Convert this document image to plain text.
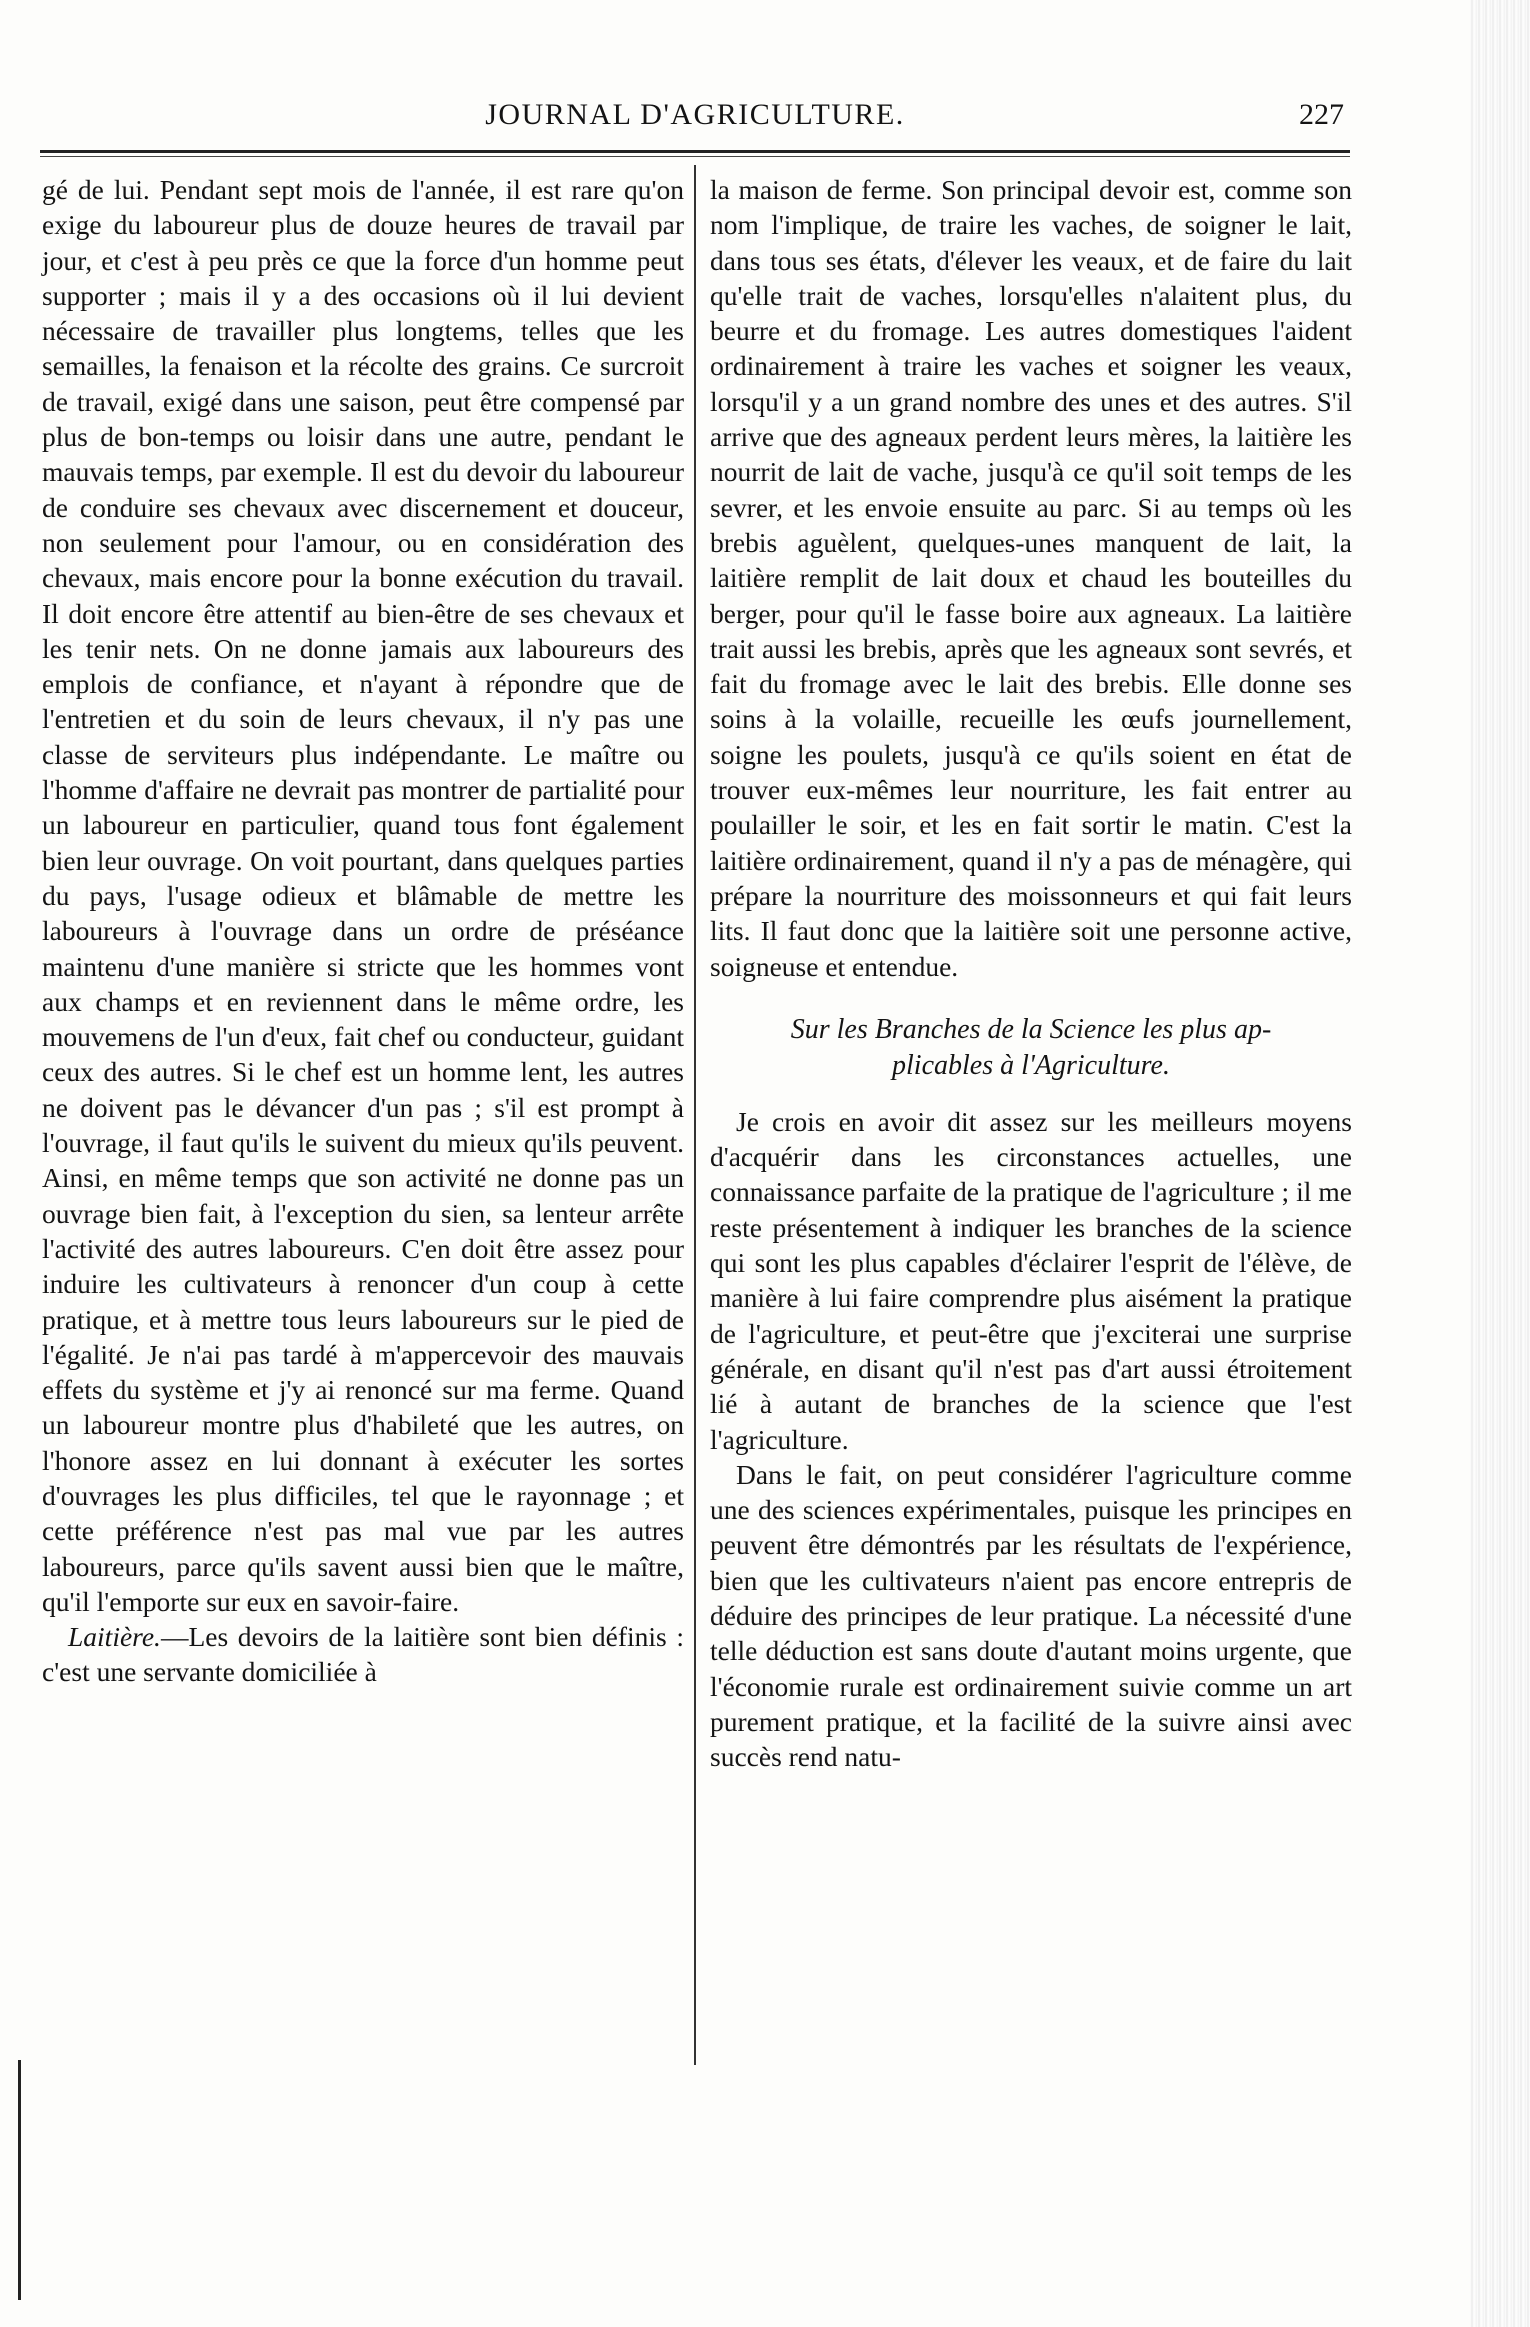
JOURNAL D'AGRICULTURE.	227

gé de lui. Pendant sept mois de l'année, il est rare qu'on exige du laboureur plus de douze heures de travail par jour, et c'est à peu près ce que la force d'un homme peut supporter ; mais il y a des occasions où il lui devient nécessaire de travailler plus longtems, telles que les semailles, la fenaison et la récolte des grains. Ce surcroit de travail, exigé dans une saison, peut être compensé par plus de bon-temps ou loisir dans une autre, pendant le mauvais temps, par exemple. Il est du devoir du laboureur de conduire ses chevaux avec discernement et douceur, non seulement pour l'amour, ou en considération des chevaux, mais encore pour la bonne exécution du travail. Il doit encore être attentif au bien-être de ses chevaux et les tenir nets. On ne donne jamais aux laboureurs des emplois de confiance, et n'ayant à répondre que de l'entretien et du soin de leurs chevaux, il n'y pas une classe de serviteurs plus indépendante. Le maître ou l'homme d'affaire ne devrait pas montrer de partialité pour un laboureur en particulier, quand tous font également bien leur ouvrage. On voit pourtant, dans quelques parties du pays, l'usage odieux et blâmable de mettre les laboureurs à l'ouvrage dans un ordre de préséance maintenu d'une manière si stricte que les hommes vont aux champs et en reviennent dans le même ordre, les mouvemens de l'un d'eux, fait chef ou conducteur, guidant ceux des autres. Si le chef est un homme lent, les autres ne doivent pas le dévancer d'un pas ; s'il est prompt à l'ouvrage, il faut qu'ils le suivent du mieux qu'ils peuvent. Ainsi, en même temps que son activité ne donne pas un ouvrage bien fait, à l'exception du sien, sa lenteur arrête l'activité des autres laboureurs. C'en doit être assez pour induire les cultivateurs à renoncer d'un coup à cette pratique, et à mettre tous leurs laboureurs sur le pied de l'égalité. Je n'ai pas tardé à m'appercevoir des mauvais effets du système et j'y ai renoncé sur ma ferme. Quand un laboureur montre plus d'habileté que les autres, on l'honore assez en lui donnant à exécuter les sortes d'ouvrages les plus difficiles, tel que le rayonnage ; et cette préférence n'est pas mal vue par les autres laboureurs, parce qu'ils savent aussi bien que le maître, qu'il l'emporte sur eux en savoir-faire.

Laitière.—Les devoirs de la laitière sont bien définis : c'est une servante domiciliée à

la maison de ferme. Son principal devoir est, comme son nom l'implique, de traire les vaches, de soigner le lait, dans tous ses états, d'élever les veaux, et de faire du lait qu'elle trait de vaches, lorsqu'elles n'alaitent plus, du beurre et du fromage. Les autres domestiques l'aident ordinairement à traire les vaches et soigner les veaux, lorsqu'il y a un grand nombre des unes et des autres. S'il arrive que des agneaux perdent leurs mères, la laitière les nourrit de lait de vache, jusqu'à ce qu'il soit temps de les sevrer, et les envoie ensuite au parc. Si au temps où les brebis aguèlent, quelques-unes manquent de lait, la laitière remplit de lait doux et chaud les bouteilles du berger, pour qu'il le fasse boire aux agneaux. La laitière trait aussi les brebis, après que les agneaux sont sevrés, et fait du fromage avec le lait des brebis. Elle donne ses soins à la volaille, recueille les œufs journellement, soigne les poulets, jusqu'à ce qu'ils soient en état de trouver eux-mêmes leur nourriture, les fait entrer au poulailler le soir, et les en fait sortir le matin. C'est la laitière ordinairement, quand il n'y a pas de ménagère, qui prépare la nourriture des moissonneurs et qui fait leurs lits. Il faut donc que la laitière soit une personne active, soigneuse et entendue.

Sur les Branches de la Science les plus ap-
plicables à l'Agriculture.

Je crois en avoir dit assez sur les meilleurs moyens d'acquérir dans les circonstances actuelles, une connaissance parfaite de la pratique de l'agriculture ; il me reste présentement à indiquer les branches de la science qui sont les plus capables d'éclairer l'esprit de l'élève, de manière à lui faire comprendre plus aisément la pratique de l'agriculture, et peut-être que j'exciterai une surprise générale, en disant qu'il n'est pas d'art aussi étroitement lié à autant de branches de la science que l'est l'agriculture.

Dans le fait, on peut considérer l'agriculture comme une des sciences expérimentales, puisque les principes en peuvent être démontrés par les résultats de l'expérience, bien que les cultivateurs n'aient pas encore entrepris de déduire des principes de leur pratique. La nécessité d'une telle déduction est sans doute d'autant moins urgente, que l'économie rurale est ordinairement suivie comme un art purement pratique, et la facilité de la suivre ainsi avec succès rend natu-
